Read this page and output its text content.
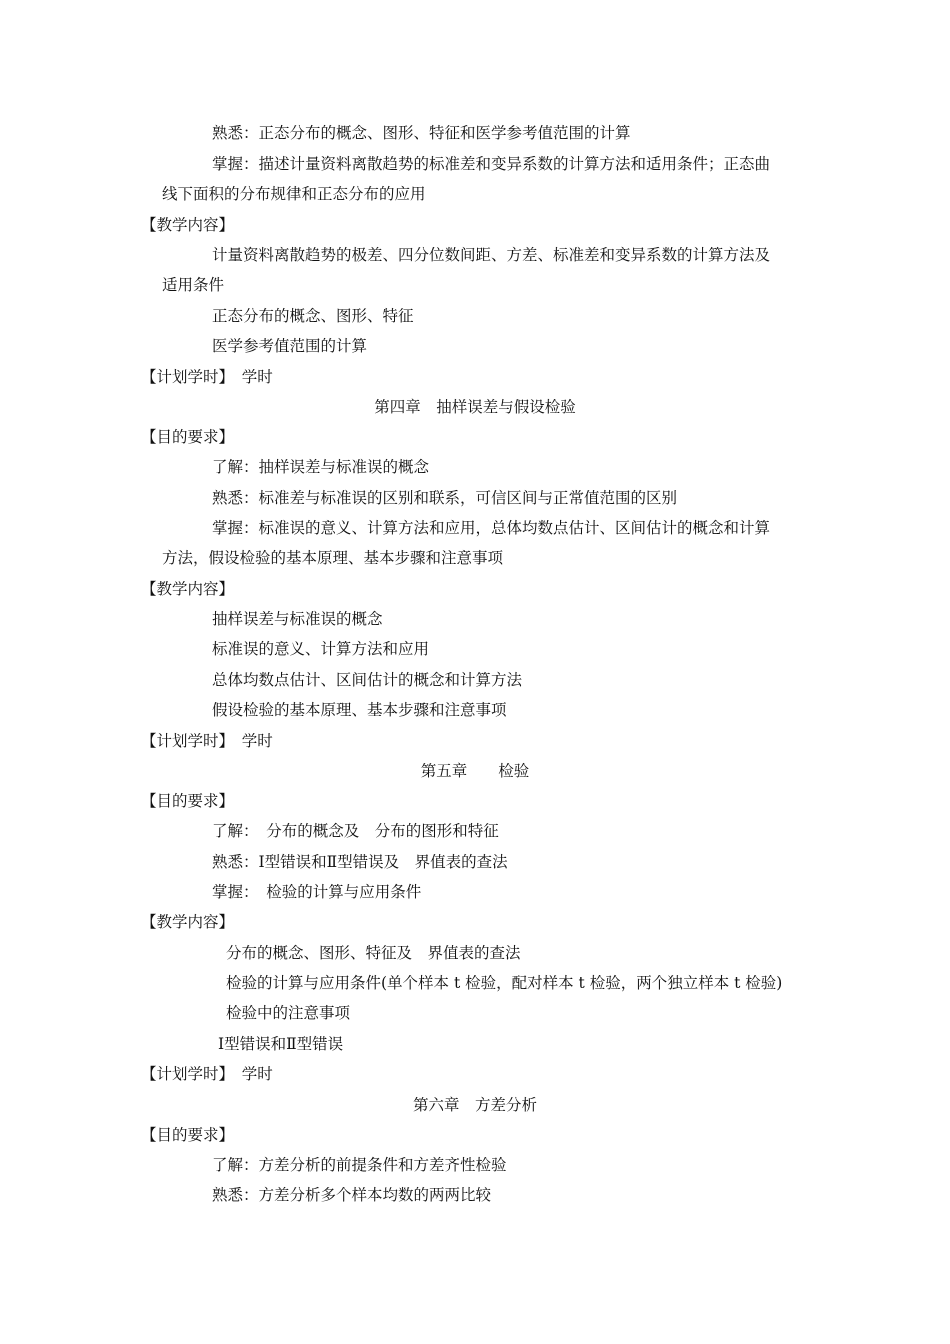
熟悉：正态分布的概念、图形、特征和医学参考值范围的计算
掌握：描述计量资料离散趋势的标准差和变异系数的计算方法和适用条件；正态曲
线下面积的分布规律和正态分布的应用
【教学内容】
计量资料离散趋势的极差、四分位数间距、方差、标准差和变异系数的计算方法及
适用条件
正态分布的概念、图形、特征
医学参考值范围的计算
【计划学时】　学时
第四章　抽样误差与假设检验
【目的要求】
了解：抽样误差与标准误的概念
熟悉：标准差与标准误的区别和联系，可信区间与正常值范围的区别
掌握：标准误的意义、计算方法和应用，总体均数点估计、区间估计的概念和计算
方法，假设检验的基本原理、基本步骤和注意事项
【教学内容】
抽样误差与标准误的概念
标准误的意义、计算方法和应用
总体均数点估计、区间估计的概念和计算方法
假设检验的基本原理、基本步骤和注意事项
【计划学时】　学时
第五章　　检验
【目的要求】
了解：　分布的概念及　分布的图形和特征
熟悉：Ⅰ型错误和Ⅱ型错误及　界值表的查法
掌握：　检验的计算与应用条件
【教学内容】
分布的概念、图形、特征及　界值表的查法
检验的计算与应用条件(单个样本 t 检验，配对样本 t 检验，两个独立样本 t 检验)
检验中的注意事项
Ⅰ型错误和Ⅱ型错误
【计划学时】　学时
第六章　方差分析
【目的要求】
了解：方差分析的前提条件和方差齐性检验
熟悉：方差分析多个样本均数的两两比较
